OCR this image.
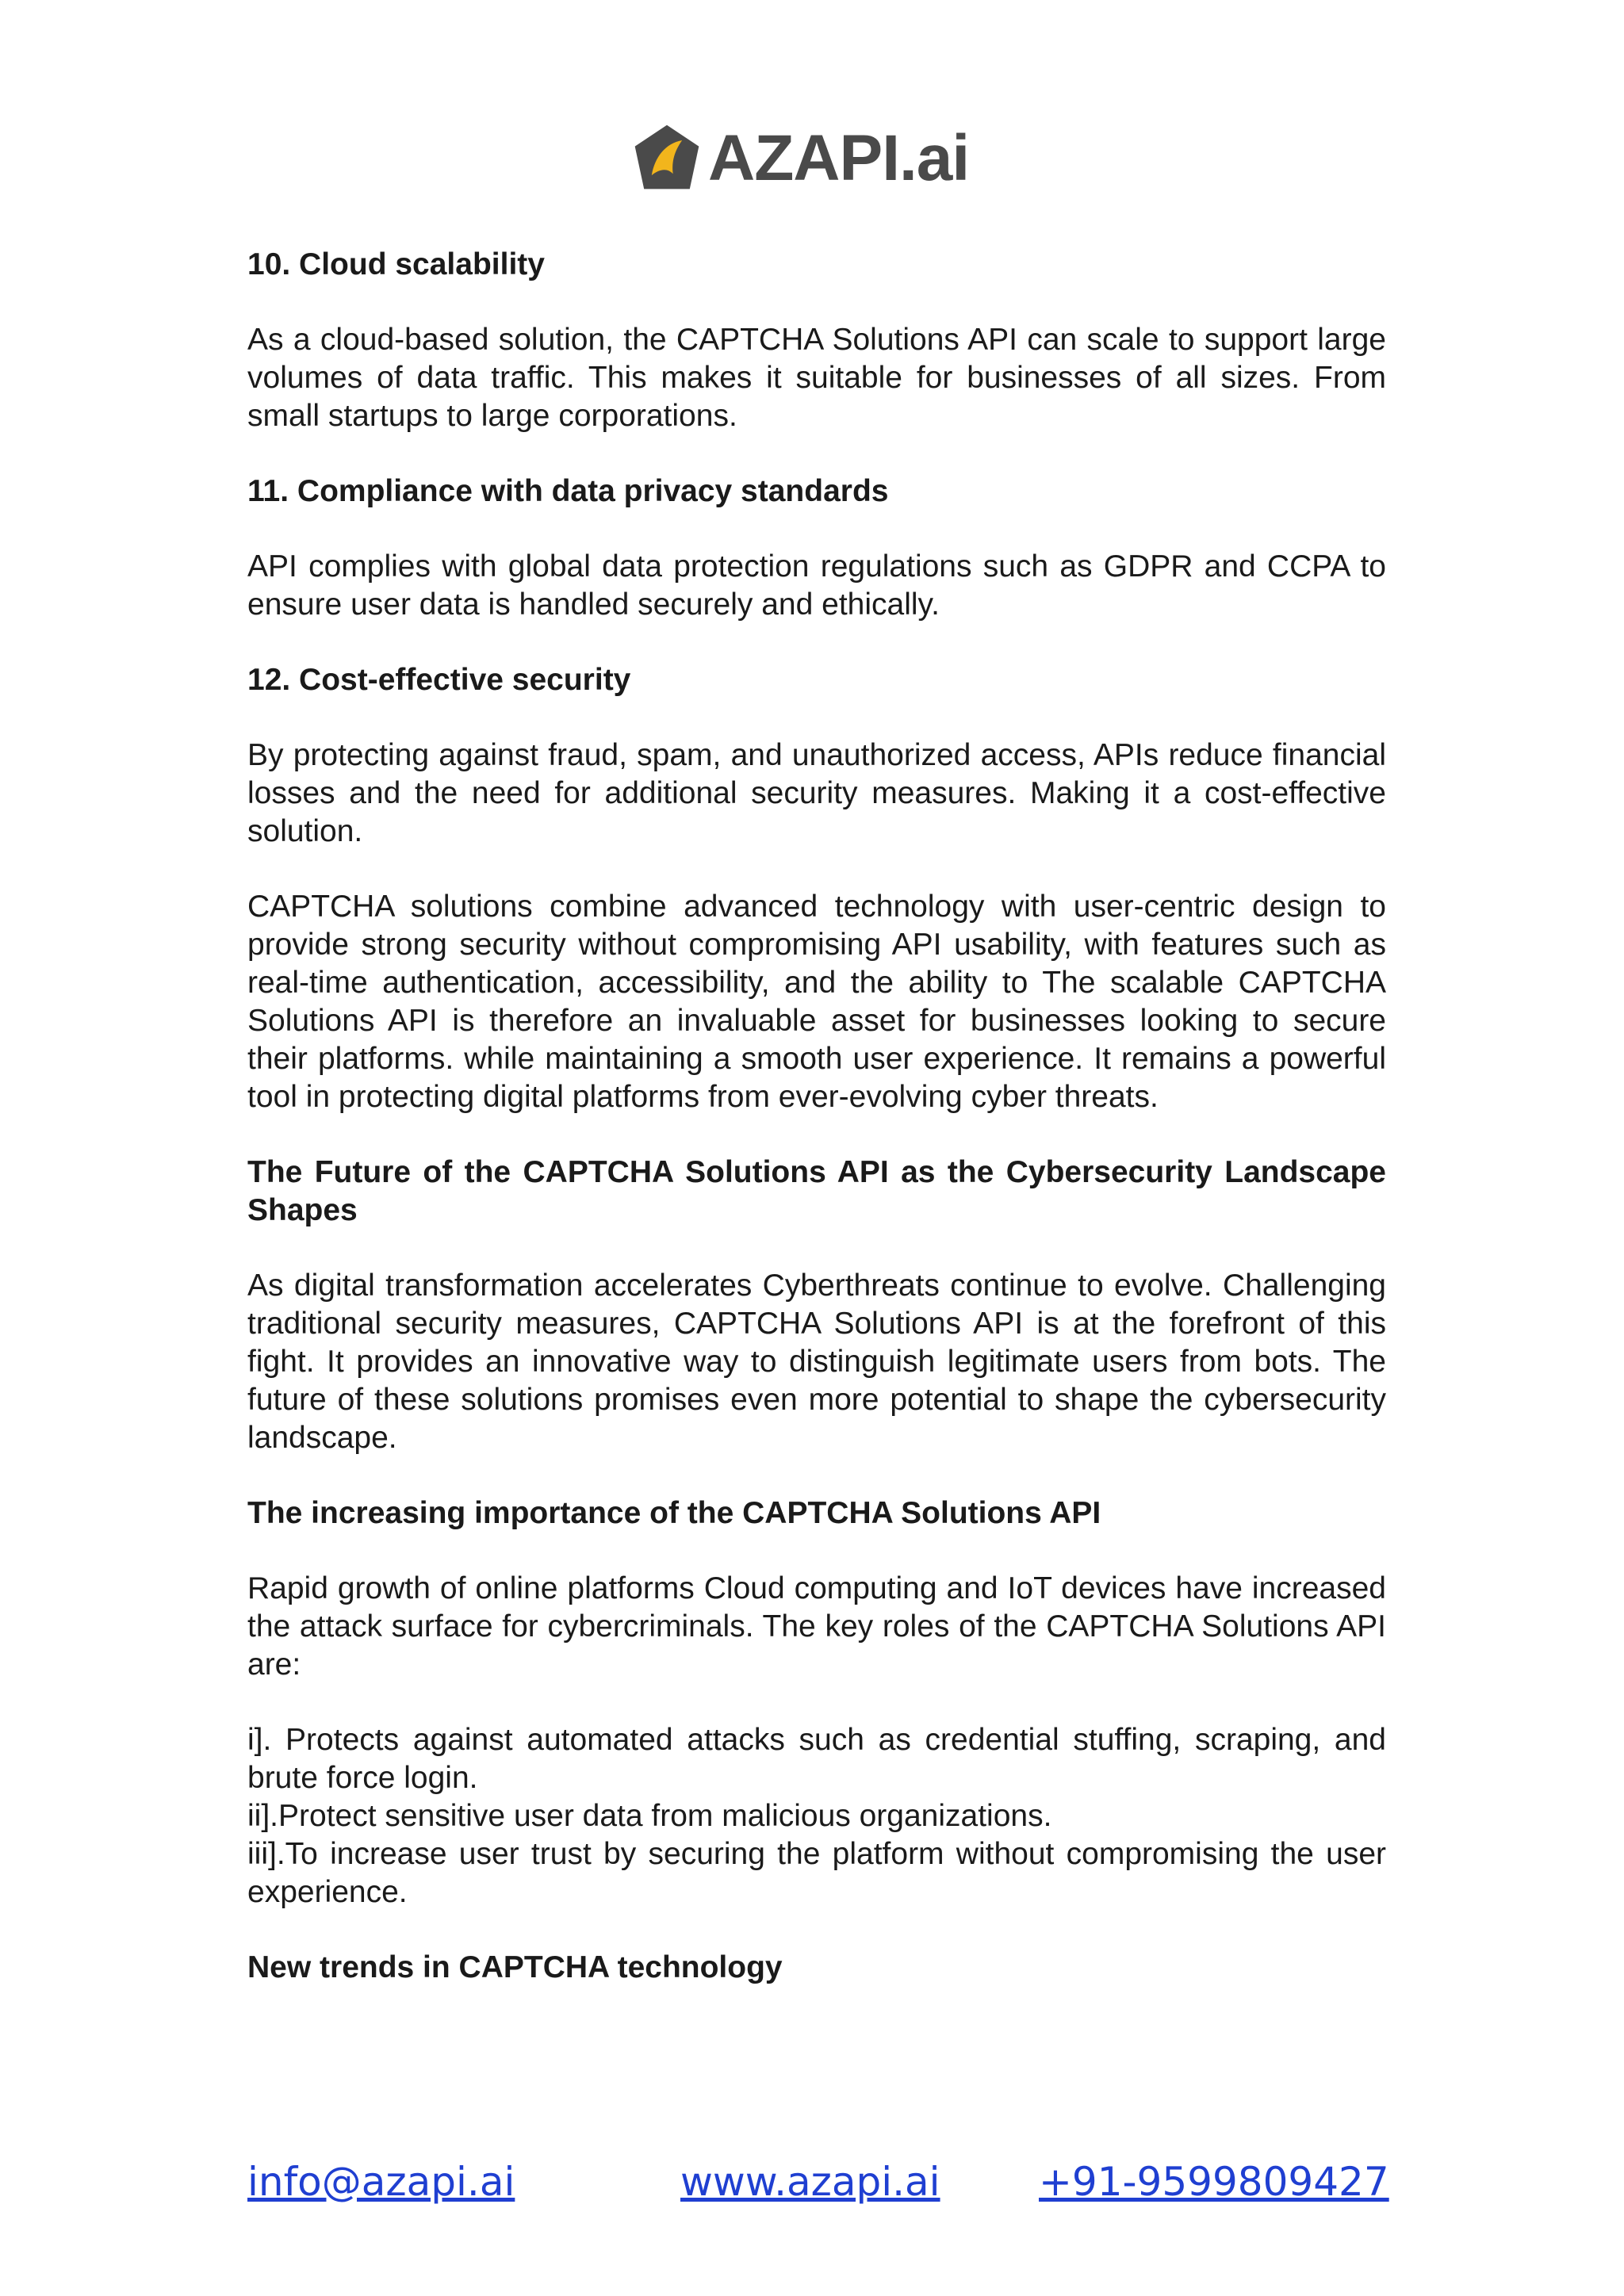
AZAPI.ai
10. Cloud scalability

As a cloud-based solution, the CAPTCHA Solutions API can scale to support large volumes of data traffic. This makes it suitable for businesses of all sizes. From small startups to large corporations.

11. Compliance with data privacy standards

API complies with global data protection regulations such as GDPR and CCPA to ensure user data is handled securely and ethically.

12. Cost-effective security

By protecting against fraud, spam, and unauthorized access, APIs reduce financial losses and the need for additional security measures. Making it a cost-effective solution.

CAPTCHA solutions combine advanced technology with user-centric design to provide strong security without compromising API usability, with features such as real-time authentication, accessibility, and the ability to The scalable CAPTCHA Solutions API is therefore an invaluable asset for businesses looking to secure their platforms. while maintaining a smooth user experience. It remains a powerful tool in protecting digital platforms from ever-evolving cyber threats.

The Future of the CAPTCHA Solutions API as the Cybersecurity Landscape Shapes

As digital transformation accelerates Cyberthreats continue to evolve. Challenging traditional security measures, CAPTCHA Solutions API is at the forefront of this fight. It provides an innovative way to distinguish legitimate users from bots. The future of these solutions promises even more potential to shape the cybersecurity landscape.

The increasing importance of the CAPTCHA Solutions API

Rapid growth of online platforms Cloud computing and IoT devices have increased the attack surface for cybercriminals. The key roles of the CAPTCHA Solutions API are:

i]. Protects against automated attacks such as credential stuffing, scraping, and brute force login.

ii].Protect sensitive user data from malicious organizations.

iii].To increase user trust by securing the platform without compromising the user experience.

New trends in CAPTCHA technology
info@azapi.ai	www.azapi.ai +91-9599809427
